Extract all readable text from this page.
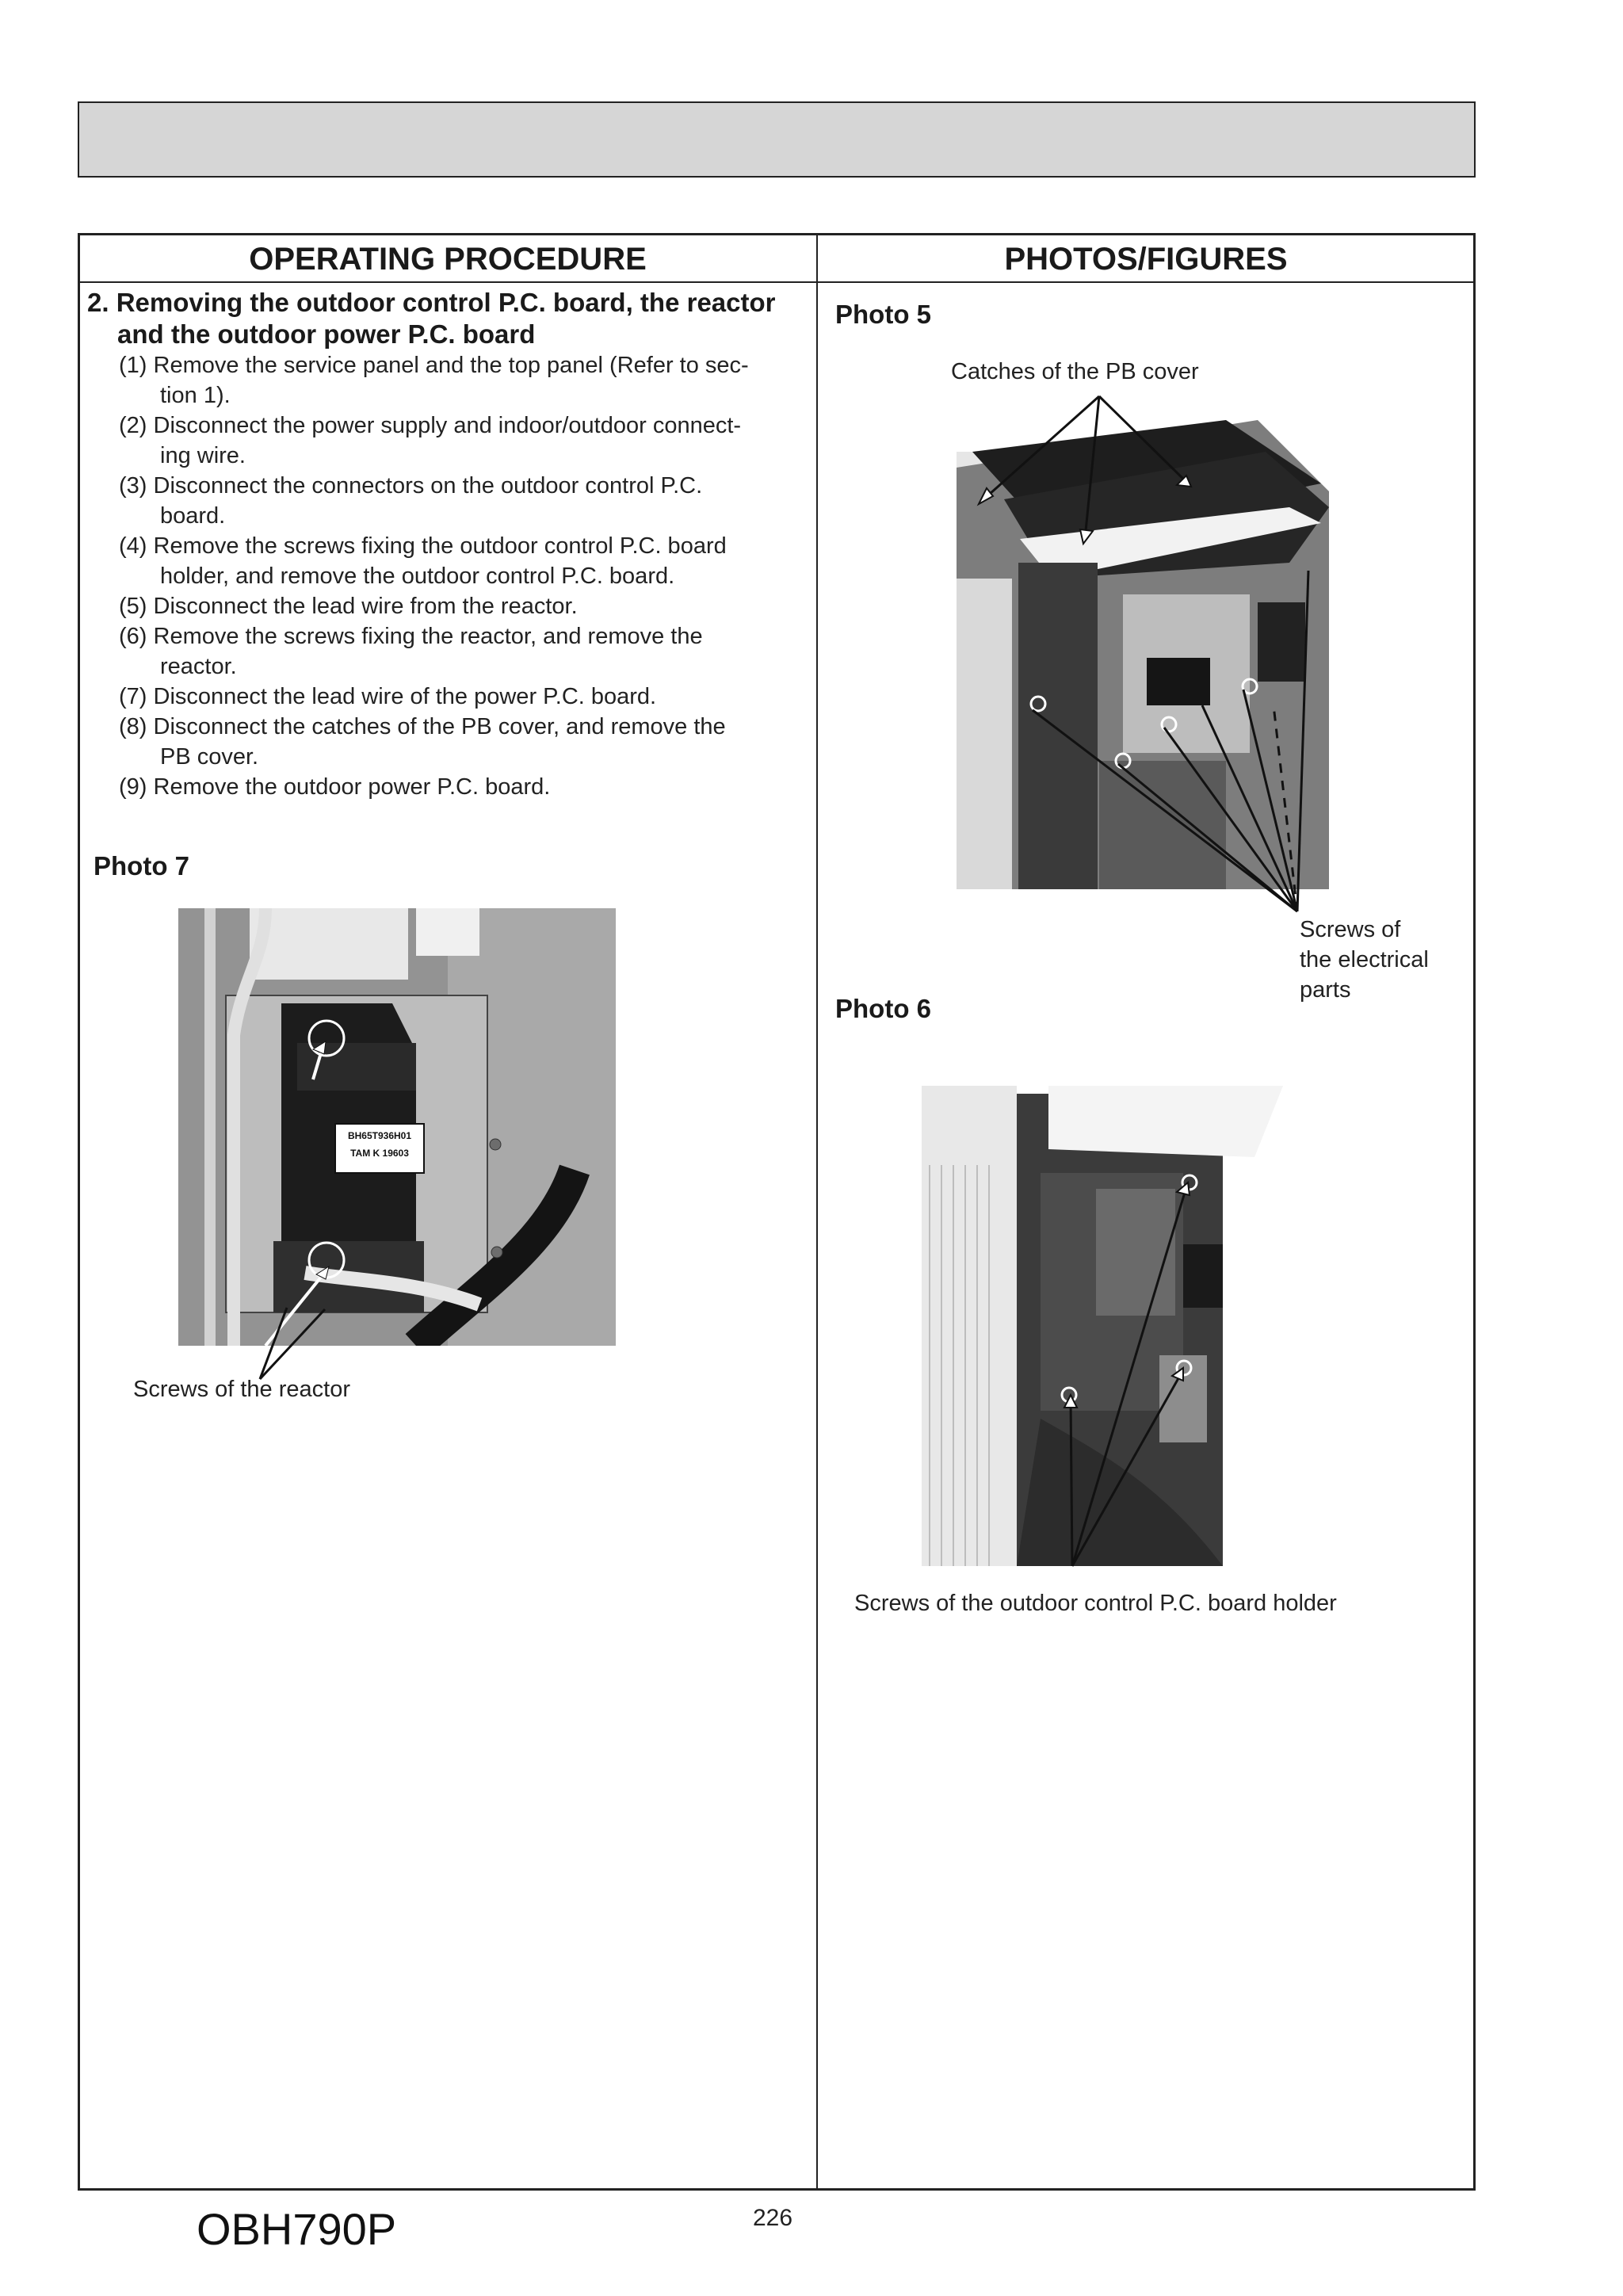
OPERATING PROCEDURE	PHOTOS/FIGURES
2. Removing the outdoor control P.C. board, the reactor
and the outdoor power P.C. board
(1) Remove the service panel and the top panel (Refer to sec-
tion 1).
(2) Disconnect the power supply and indoor/outdoor connect-
ing wire.
(3) Disconnect the connectors on the outdoor control P.C.
board.
(4) Remove the screws fixing the outdoor control P.C. board
holder, and remove the outdoor control P.C. board.
(5) Disconnect the lead wire from the reactor.
(6) Remove the screws fixing the reactor, and remove the
reactor.
(7) Disconnect the lead wire of the power P.C. board.
(8) Disconnect the catches of the PB cover, and remove the
PB cover.
(9) Remove the outdoor power P.C. board.
Photo 7
BH65T936H01
TAM K 19603
Screws of the reactor
Photo 5
Catches of the PB cover
Screws of
the electrical
parts
Photo 6
Screws of the outdoor control P.C. board holder
OBH790P	226
